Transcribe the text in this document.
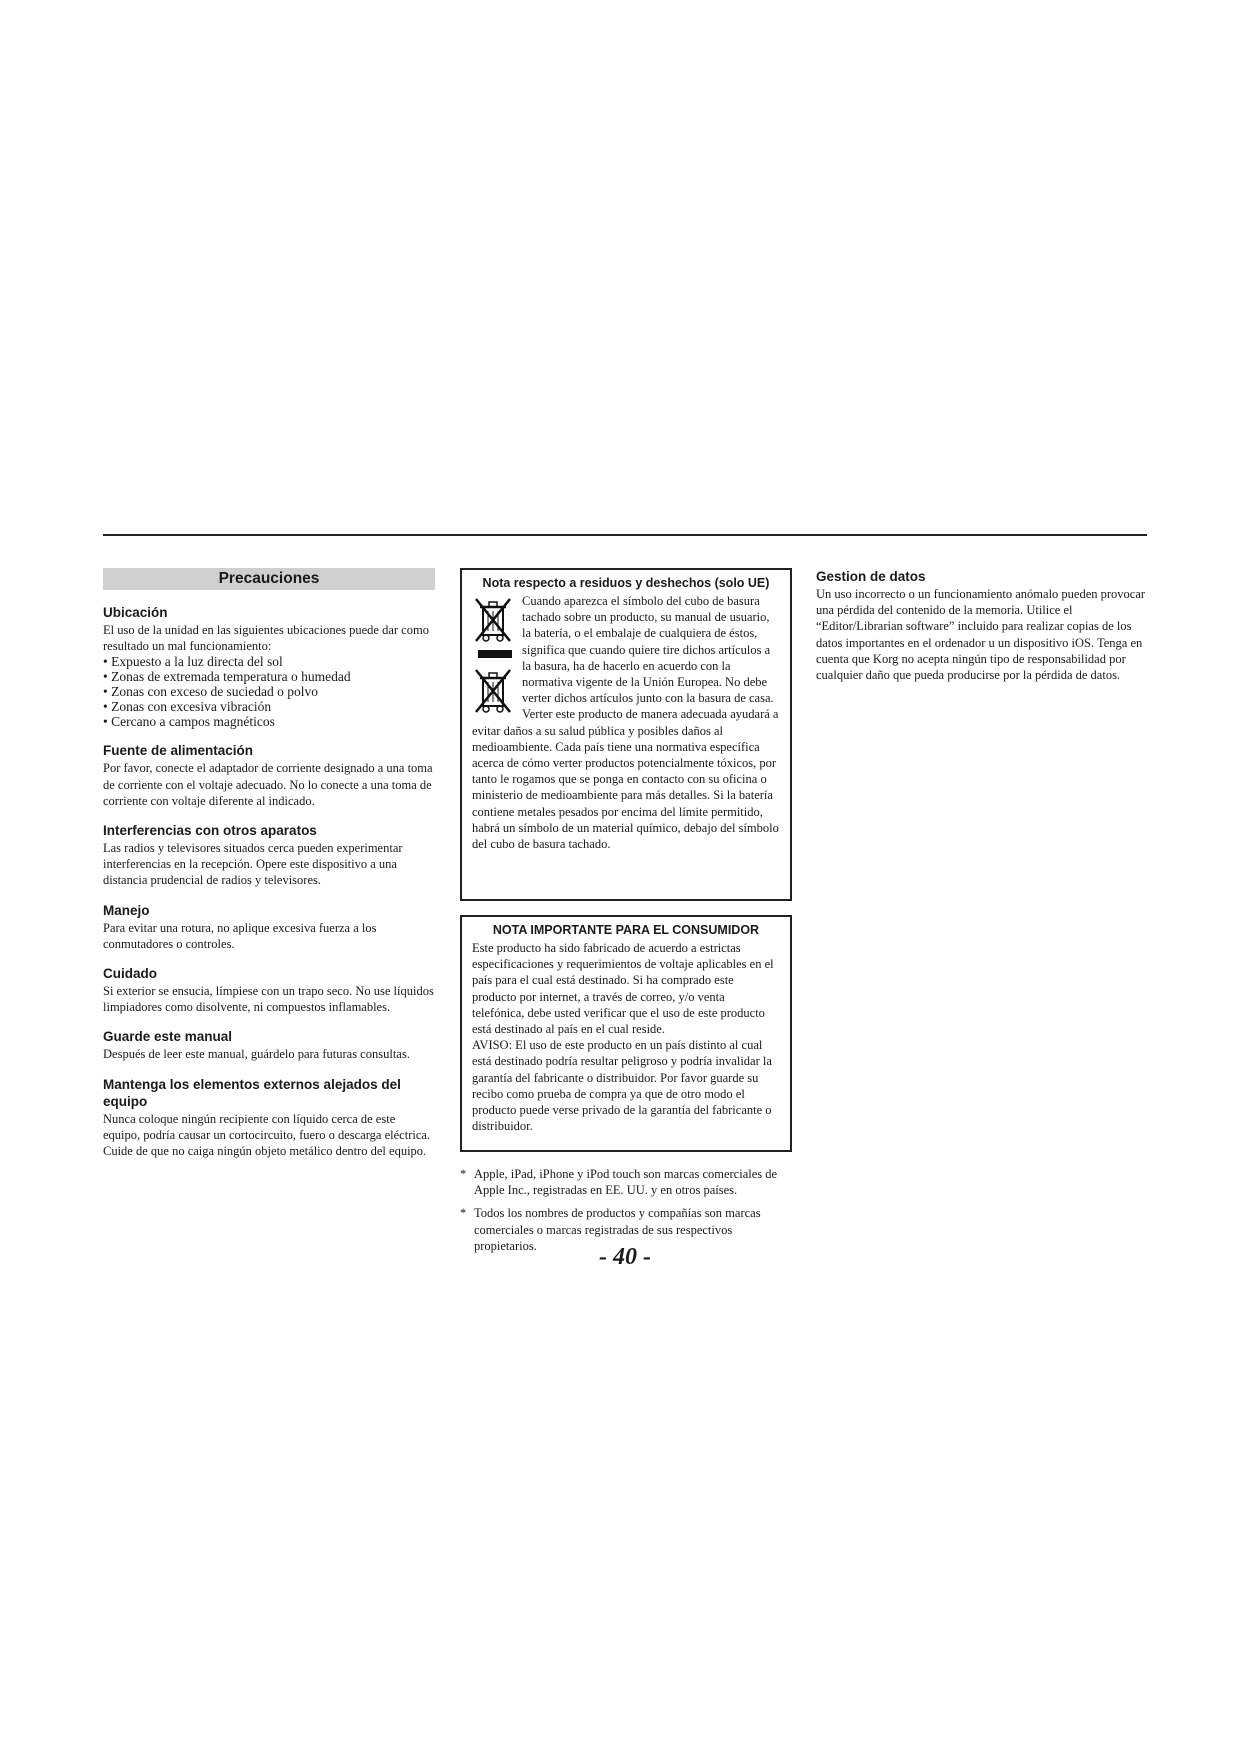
Precauciones
Ubicación

El uso de la unidad en las siguientes ubicaciones puede dar como resultado un mal funcionamiento:

• Expuesto a la luz directa del sol
• Zonas de extremada temperatura o humedad
• Zonas con exceso de suciedad o polvo
• Zonas con excesiva vibración
• Cercano a campos magnéticos
Fuente de alimentación

Por favor, conecte el adaptador de corriente designado a una toma de corriente con el voltaje adecuado. No lo conecte a una toma de corriente con voltaje diferente al indicado.

Interferencias con otros aparatos

Las radios y televisores situados cerca pueden experimentar interferencias en la recepción. Opere este dispositivo a una distancia prudencial de radios y televisores.

Manejo

Para evitar una rotura, no aplique excesiva fuerza a los conmutadores o controles.

Cuidado

Si exterior se ensucia, límpiese con un trapo seco. No use líquidos limpiadores como disolvente, ni compuestos inflamables.

Guarde este manual

Después de leer este manual, guárdelo para futuras consultas.

Mantenga los elementos externos alejados del equipo

Nunca coloque ningún recipiente con líquido cerca de este equipo, podría causar un cortocircuito, fuero o descarga eléctrica. Cuide de que no caiga ningún objeto metálico dentro del equipo.

Nota respecto a residuos y deshechos (solo UE)

Cuando aparezca el símbolo del cubo de basura tachado sobre un producto, su manual de usuario, la batería, o el embalaje de cualquiera de éstos, significa que cuando quiere tire dichos artículos a la basura, ha de hacerlo en acuerdo con la normativa vigente de la Unión Europea. No debe verter dichos artículos junto con la basura de casa. Verter este producto de manera adecuada ayudará a evitar daños a su salud pública y posibles daños al medioambiente. Cada país tiene una normativa específica acerca de cómo verter productos potencialmente tóxicos, por tanto le rogamos que se ponga en contacto con su oficina o ministerio de medioambiente para más detalles. Si la batería contiene metales pesados por encima del límite permitido, habrá un símbolo de un material químico, debajo del símbolo del cubo de basura tachado.

NOTA IMPORTANTE PARA EL CONSUMIDOR

Este producto ha sido fabricado de acuerdo a estrictas especificaciones y requerimientos de voltaje aplicables en el país para el cual está destinado. Si ha comprado este producto por internet, a través de correo, y/o venta telefónica, debe usted verificar que el uso de este producto está destinado al país en el cual reside.

AVISO: El uso de este producto en un país distinto al cual está destinado podría resultar peligroso y podría invalidar la garantía del fabricante o distribuidor. Por favor guarde su recibo como prueba de compra ya que de otro modo el producto puede verse privado de la garantía del fabricante o distribuidor.

* Apple, iPad, iPhone y iPod touch son marcas comerciales de Apple Inc., registradas en EE. UU. y en otros países.
* Todos los nombres de productos y compañías son marcas comerciales o marcas registradas de sus respectivos propietarios.
Gestion de datos

Un uso incorrecto o un funcionamiento anómalo pueden provocar una pérdida del contenido de la memoria. Utilice el “Editor/Librarian software” incluido para realizar copias de los datos importantes en el ordenador u un dispositivo iOS. Tenga en cuenta que Korg no acepta ningún tipo de responsabilidad por cualquier daño que pueda producirse por la pérdida de datos.

- 40 -
